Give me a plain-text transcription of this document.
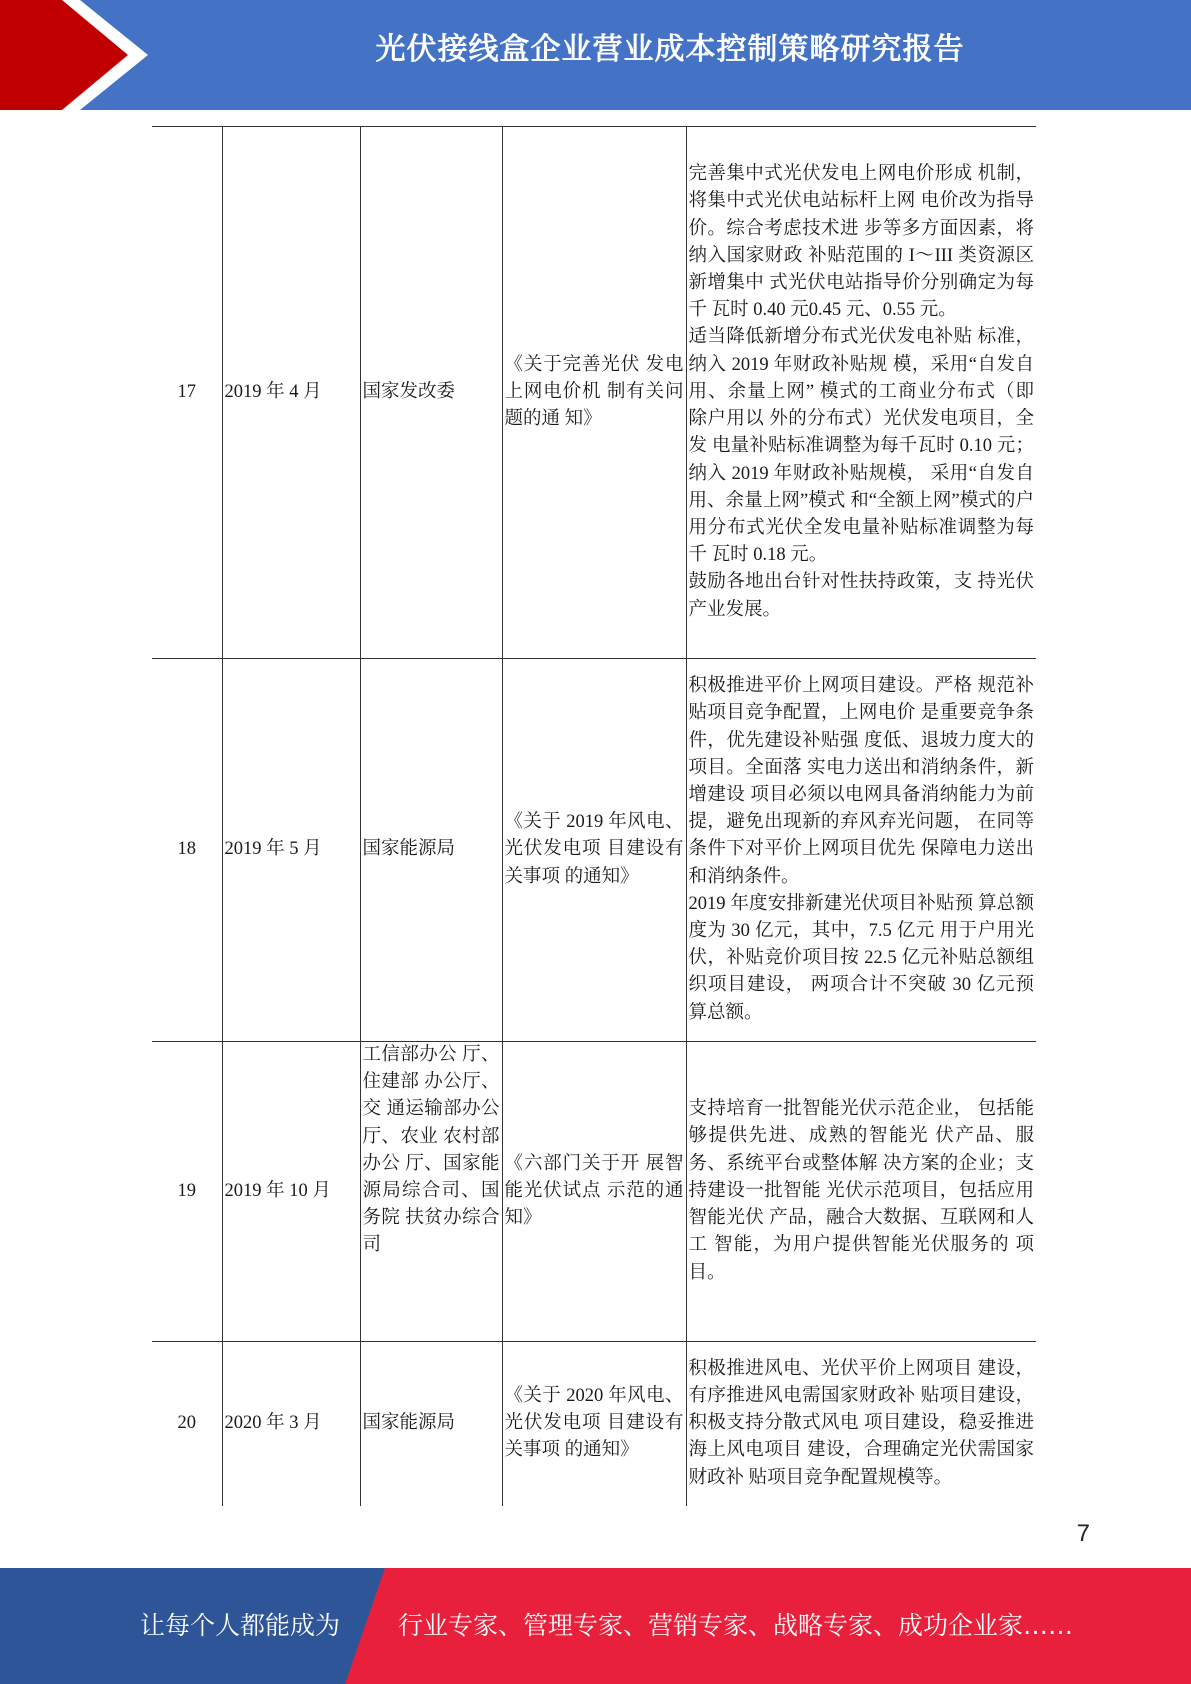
光伏接线盒企业营业成本控制策略研究报告
17	2019 年 4 月	国家发改委	《关于完善光伏 发电上网电价机 制有关问题的通 知》	完善集中式光伏发电上网电价形成 机制，将集中式光伏电站标杆上网 电价改为指导价。综合考虑技术进 步等多方面因素，将纳入国家财政 补贴范围的 I～III 类资源区新增集中 式光伏电站指导价分别确定为每千 瓦时 0.40 元0.45 元、0.55 元。

适当降低新增分布式光伏发电补贴 标准，纳入 2019 年财政补贴规 模，采用“自发自用、余量上网” 模式的工商业分布式（即除户用以 外的分布式）光伏发电项目，全发 电量补贴标准调整为每千瓦时 0.10 元；纳入 2019 年财政补贴规模， 采用“自发自用、余量上网”模式 和“全额上网”模式的户用分布式光伏全发电量补贴标准调整为每千 瓦时 0.18 元。

鼓励各地出台针对性扶持政策，支 持光伏产业发展。

18	2019 年 5 月	国家能源局	《关于 2019 年风电、光伏发电项 目建设有关事项 的通知》	积极推进平价上网项目建设。严格 规范补贴项目竞争配置，上网电价 是重要竞争条件，优先建设补贴强 度低、退坡力度大的项目。全面落 实电力送出和消纳条件，新增建设 项目必须以电网具备消纳能力为前 提，避免出现新的弃风弃光问题， 在同等条件下对平价上网项目优先 保障电力送出和消纳条件。

2019 年度安排新建光伏项目补贴预 算总额度为 30 亿元，其中，7.5 亿元 用于户用光伏，补贴竞价项目按 22.5 亿元补贴总额组织项目建设， 两项合计不突破 30 亿元预算总额。

19	2019 年 10 月	工信部办公 厅、住建部 办公厅、交 通运输部办公厅、农业 农村部办公 厅、国家能 源局综合司、国务院 扶贫办综合 司	《六部门关于开 展智能光伏试点 示范的通知》	支持培育一批智能光伏示范企业， 包括能够提供先进、成熟的智能光 伏产品、服务、系统平台或整体解 决方案的企业；支持建设一批智能 光伏示范项目，包括应用智能光伏 产品，融合大数据、互联网和人工 智能，为用户提供智能光伏服务的 项目。

20	2020 年 3 月	国家能源局	《关于 2020 年风电、光伏发电项 目建设有关事项 的通知》	积极推进风电、光伏平价上网项目 建设，有序推进风电需国家财政补 贴项目建设，积极支持分散式风电 项目建设，稳妥推进海上风电项目 建设，合理确定光伏需国家财政补 贴项目竞争配置规模等。

7
让每个人都能成为 行业专家、管理专家、营销专家、战略专家、成功企业家……
